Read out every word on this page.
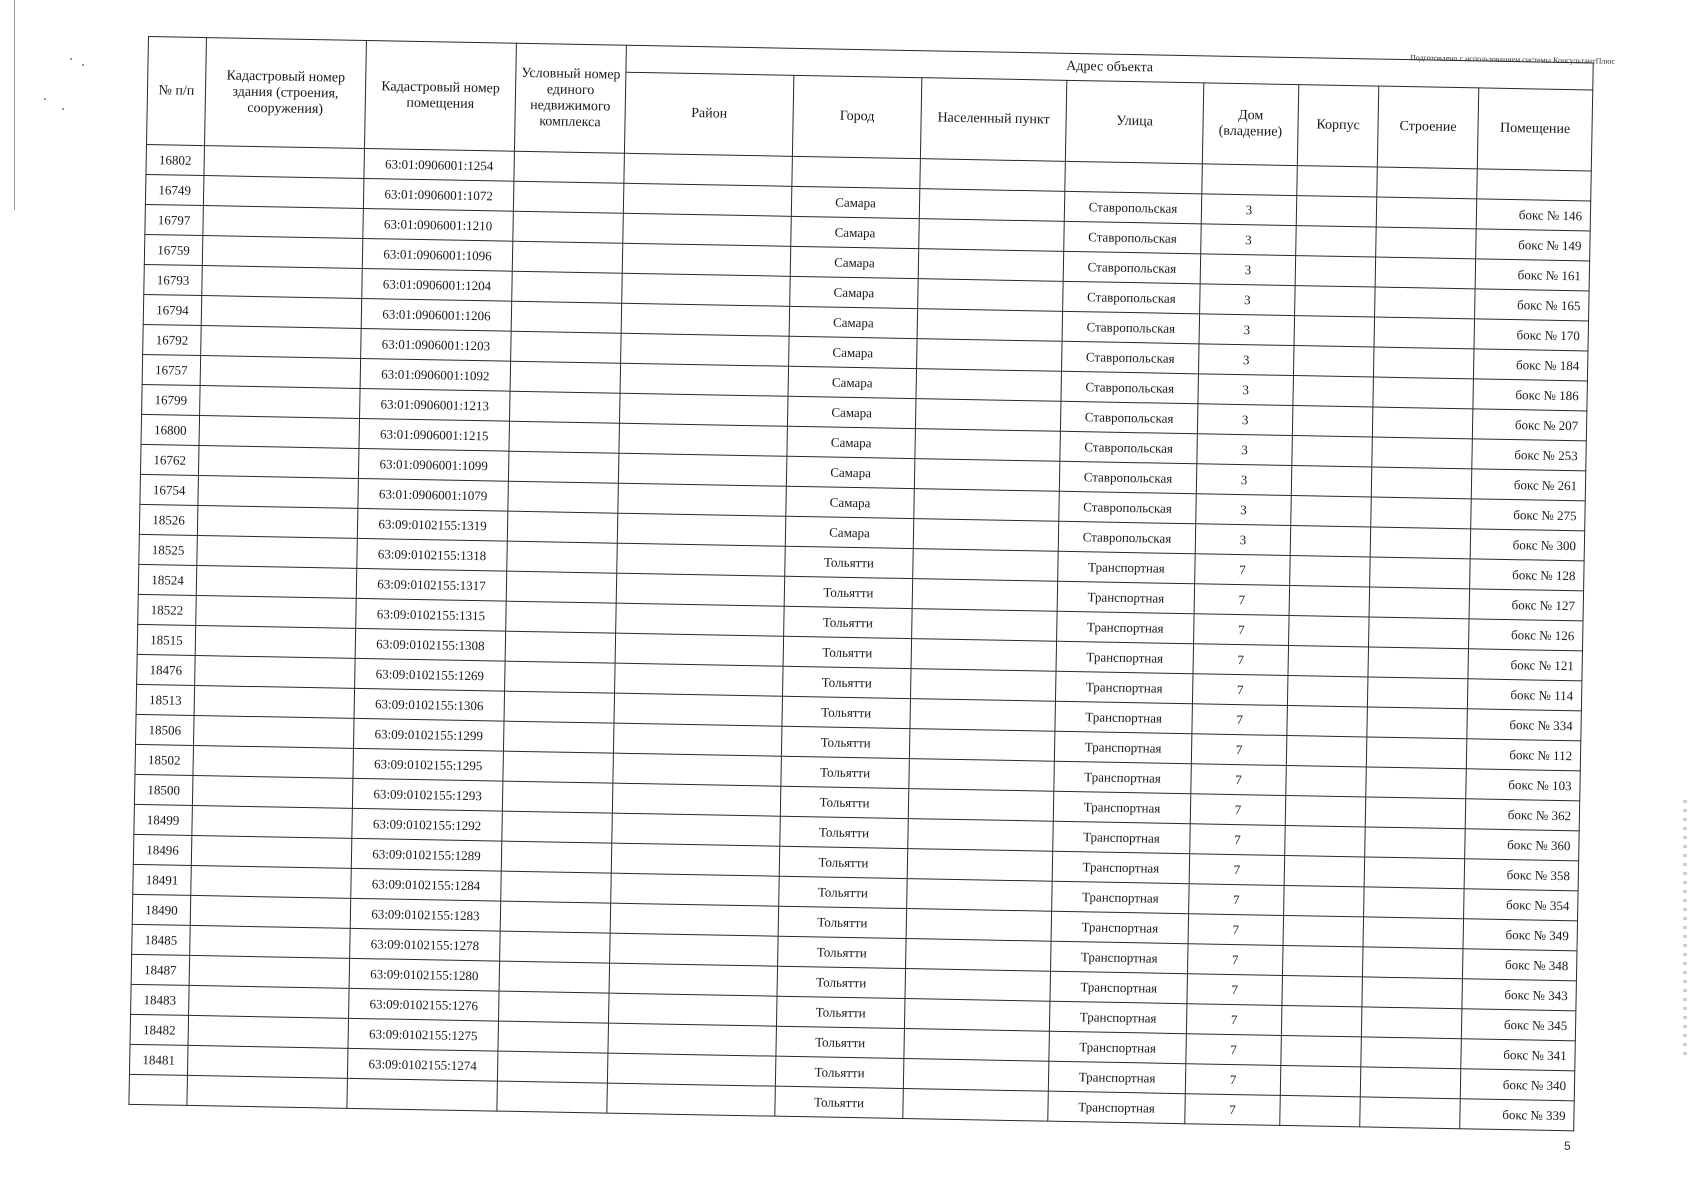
Подготовлено с использованием системы КонсультантПлюс
№ п/п	Кадастровый номер здания (строения, сооружения)	Кадастровый номер помещения	Условный номер единого недвижимого комплекса	Адрес объекта							
				Район	Город	Населенный пункт	Улица	Дом (владение)	Корпус	Строение	Помещение
16802		63:01:0906001:1254									
16749		63:01:0906001:1072			Самара		Ставропольская	3			бокс № 146
16797		63:01:0906001:1210			Самара		Ставропольская	3			бокс № 149
16759		63:01:0906001:1096			Самара		Ставропольская	3			бокс № 161
16793		63:01:0906001:1204			Самара		Ставропольская	3			бокс № 165
16794		63:01:0906001:1206			Самара		Ставропольская	3			бокс № 170
16792		63:01:0906001:1203			Самара		Ставропольская	3			бокс № 184
16757		63:01:0906001:1092			Самара		Ставропольская	3			бокс № 186
16799		63:01:0906001:1213			Самара		Ставропольская	3			бокс № 207
16800		63:01:0906001:1215			Самара		Ставропольская	3			бокс № 253
16762		63:01:0906001:1099			Самара		Ставропольская	3			бокс № 261
16754		63:01:0906001:1079			Самара		Ставропольская	3			бокс № 275
18526		63:09:0102155:1319			Самара		Ставропольская	3			бокс № 300
18525		63:09:0102155:1318			Тольятти		Транспортная	7			бокс № 128
18524		63:09:0102155:1317			Тольятти		Транспортная	7			бокс № 127
18522		63:09:0102155:1315			Тольятти		Транспортная	7			бокс № 126
18515		63:09:0102155:1308			Тольятти		Транспортная	7			бокс № 121
18476		63:09:0102155:1269			Тольятти		Транспортная	7			бокс № 114
18513		63:09:0102155:1306			Тольятти		Транспортная	7			бокс № 334
18506		63:09:0102155:1299			Тольятти		Транспортная	7			бокс № 112
18502		63:09:0102155:1295			Тольятти		Транспортная	7			бокс № 103
18500		63:09:0102155:1293			Тольятти		Транспортная	7			бокс № 362
18499		63:09:0102155:1292			Тольятти		Транспортная	7			бокс № 360
18496		63:09:0102155:1289			Тольятти		Транспортная	7			бокс № 358
18491		63:09:0102155:1284			Тольятти		Транспортная	7			бокс № 354
18490		63:09:0102155:1283			Тольятти		Транспортная	7			бокс № 349
18485		63:09:0102155:1278			Тольятти		Транспортная	7			бокс № 348
18487		63:09:0102155:1280			Тольятти		Транспортная	7			бокс № 343
18483		63:09:0102155:1276			Тольятти		Транспортная	7			бокс № 345
18482		63:09:0102155:1275			Тольятти		Транспортная	7			бокс № 341
18481		63:09:0102155:1274			Тольятти		Транспортная	7			бокс № 340
					Тольятти		Транспортная	7			бокс № 339
5
